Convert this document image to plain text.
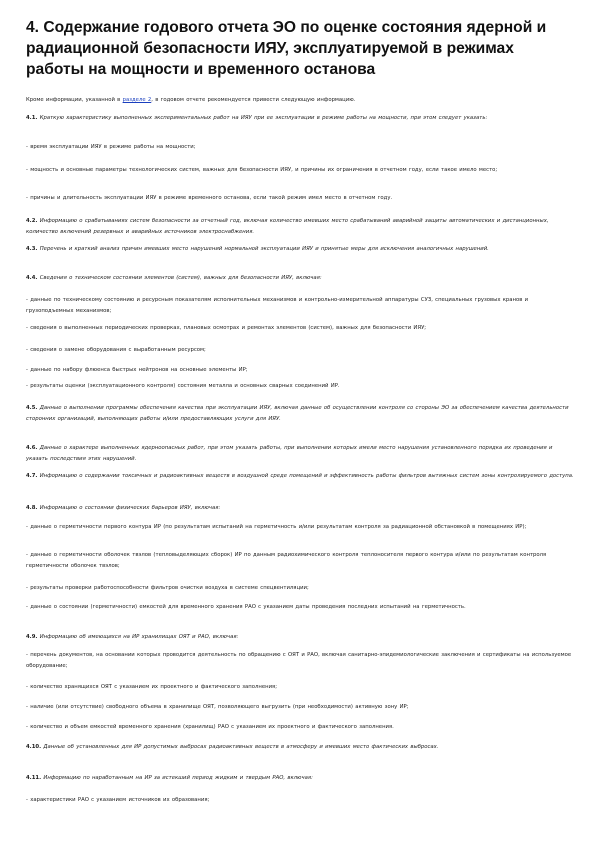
4. Содержание годового отчета ЭО по оценке состояния ядерной и радиационной безопасности ИЯУ, эксплуатируемой в режимах работы на мощности и временного останова

Кроме информации, указанной в разделе 2, в годовом отчете рекомендуется привести следующую информацию.

4.1. Краткую характеристику выполненных экспериментальных работ на ИЯУ при ее эксплуатации в режиме работы на мощности, при этом следует указать:

- время эксплуатации ИЯУ в режиме работы на мощности;

- мощность и основные параметры технологических систем, важных для безопасности ИЯУ, и причины их ограничения в отчетном году, если такое имело место;

- причины и длительность эксплуатации ИЯУ в режиме временного останова, если такой режим имел место в отчетном году.

4.2. Информацию о срабатываниях систем безопасности за отчетный год, включая количество имевших место срабатываний аварийной защиты автоматических и дистанционных, количество включений резервных и аварийных источников электроснабжения.

4.3. Перечень и краткий анализ причин имевших место нарушений нормальной эксплуатации ИЯУ и принятые меры для исключения аналогичных нарушений.

4.4. Сведения о техническом состоянии элементов (систем), важных для безопасности ИЯУ, включая:

- данные по техническому состоянию и ресурсным показателям исполнительных механизмов и контрольно-измерительной аппаратуры СУЗ, специальных грузовых кранов и грузоподъемных механизмов;

- сведения о выполненных периодических проверках, плановых осмотрах и ремонтах элементов (систем), важных для безопасности ИЯУ;

- сведения о замене оборудования с выработанным ресурсом;

- данные по набору флюенса быстрых нейтронов на основные элементы ИР;

- результаты оценки (эксплуатационного контроля) состояния металла и основных сварных соединений ИР.

4.5. Данные о выполнении программы обеспечения качества при эксплуатации ИЯУ, включая данные об осуществлении контроля со стороны ЭО за обеспечением качества деятельности сторонних организаций, выполняющих работы и/или предоставляющих услуги для ИЯУ.

4.6. Данные о характере выполненных ядерноопасных работ, при этом указать работы, при выполнении которых имели место нарушения установленного порядка их проведения и указать последствия этих нарушений.

4.7. Информацию о содержании токсичных и радиоактивных веществ в воздушной среде помещений и эффективность работы фильтров вытяжных систем зоны контролируемого доступа.

4.8. Информацию о состоянии физических барьеров ИЯУ, включая:

- данные о герметичности первого контура ИР (по результатам испытаний на герметичность и/или результатам контроля за радиационной обстановкой в помещениях ИР);

- данные о герметичности оболочек твэлов (тепловыделяющих сборок) ИР по данным радиохимического контроля теплоносителя первого контура и/или по результатам контроля герметичности оболочек твэлов;

- результаты проверки работоспособности фильтров очистки воздуха в системе спецвентиляции;

- данные о состоянии (герметичности) емкостей для временного хранения РАО с указанием даты проведения последних испытаний на герметичность.

4.9. Информацию об имеющихся на ИР хранилищах ОЯТ и РАО, включая:

- перечень документов, на основании которых проводится деятельность по обращению с ОЯТ и РАО, включая санитарно-эпидемиологические заключения и сертификаты на используемое оборудование;

- количество хранящихся ОЯТ с указанием их проектного и фактического заполнения;

- наличие (или отсутствие) свободного объема в хранилище ОЯТ, позволяющего выгрузить (при необходимости) активную зону ИР;

- количество и объем емкостей временного хранения (хранилищ) РАО с указанием их проектного и фактического заполнения.

4.10. Данные об установленных для ИР допустимых выбросах радиоактивных веществ в атмосферу и имевших место фактических выбросах.

4.11. Информацию по наработанным на ИР за истекший период жидким и твердым РАО, включая:

- характеристики РАО с указанием источников их образования;
